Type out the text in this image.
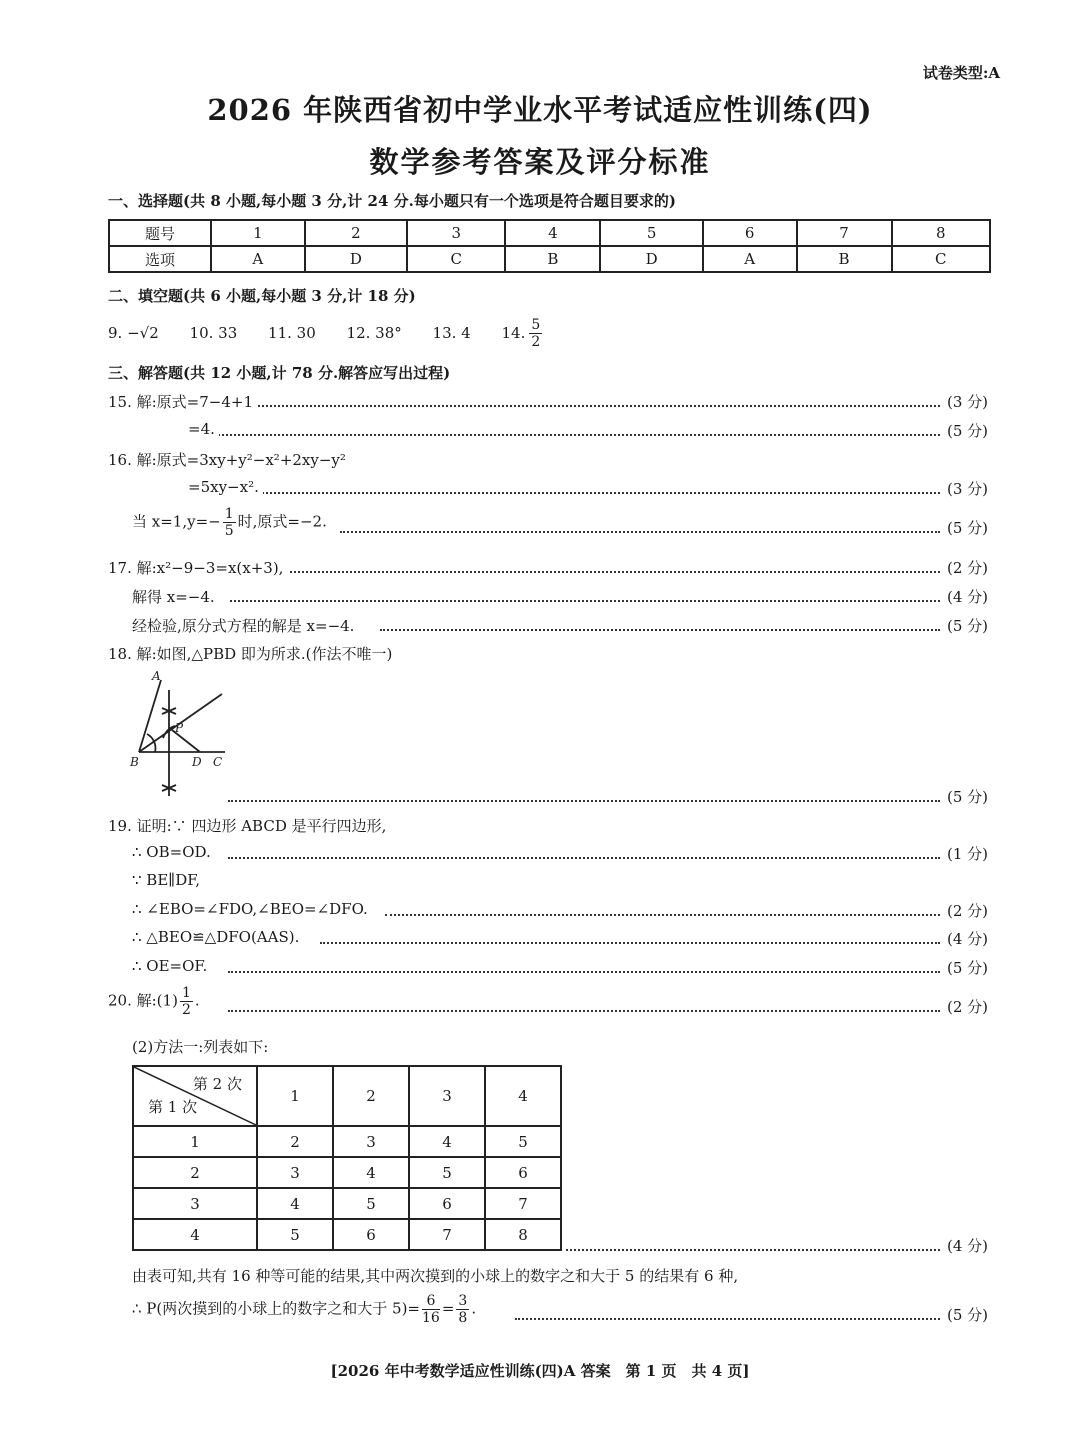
试卷类型:A
2026 年陕西省初中学业水平考试适应性训练(四)
数学参考答案及评分标准
一、选择题(共 8 小题,每小题 3 分,计 24 分.每小题只有一个选项是符合题目要求的)
题号	1	2	3	4	5	6	7	8
选项	A	D	C	B	D	A	B	C
二、填空题(共 6 小题,每小题 3 分,计 18 分)
9. −√2 10. 33 11. 30 12. 38° 13. 4 14. $\frac{5}{2}$
三、解答题(共 12 小题,计 78 分.解答应写出过程)
15. 解:原式=7−4+1	(3 分)
=4.	(5 分)
16. 解:原式=3xy+y²−x²+2xy−y²
=5xy−x².	(3 分)
当 $x=1,y=- \frac{1}{5}$ 时,原式=−2.	(5 分)
17. 解:x²−9−3=x(x+3),	(2 分)
解得 x=−4.	(4 分)
经检验,原分式方程的解是 x=−4.	(5 分)
18. 解:如图,△PBD 即为所求.(作法不唯一)
A
B
P
D C
(5 分)
19. 证明:∵ 四边形 ABCD 是平行四边形,
∴ OB=OD.	(1 分)
∵ BE∥DF,
∴ ∠EBO=∠FDO,∠BEO=∠DFO.	(2 分)
∴ △BEO≌△DFO(AAS).	(4 分)
∴ OE=OF.	(5 分)
20. 解:(1) $\frac{1}{2}$ .	(2 分)
(2)方法一:列表如下:
第 2 次
第 1 次	1	2	3	4
1	2	3	4	5
2	3	4	5	6
3	4	5	6	7
4	5	6	7	8
(4 分)
由表可知,共有 16 种等可能的结果,其中两次摸到的小球上的数字之和大于 5 的结果有 6 种,
∴ P(两次摸到的小球上的数字之和大于 $5)= \frac{6}{16} = \frac{3}{8}$ .	(5 分)
[2026 年中考数学适应性训练(四)A 答案　第 1 页　共 4 页]
